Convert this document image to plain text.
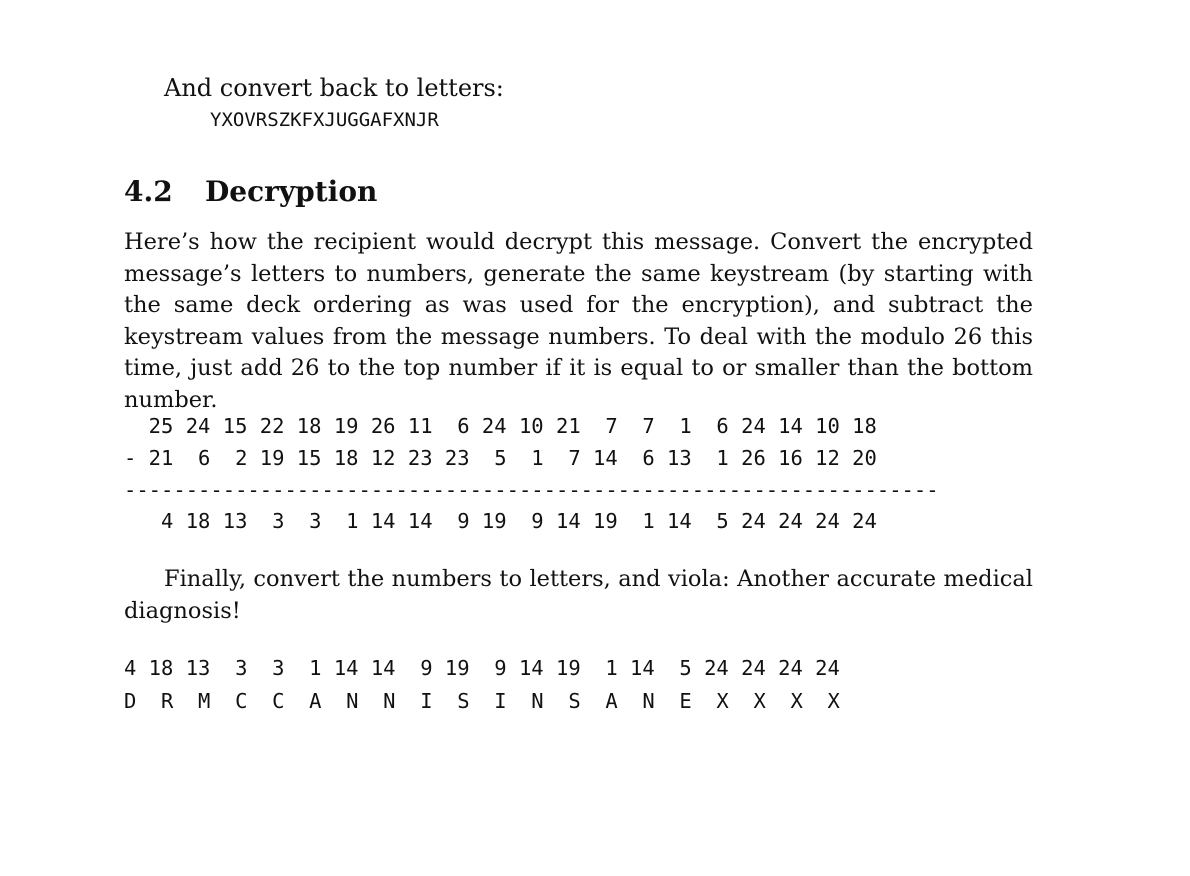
And convert back to letters:
YXOVRSZKFXJUGGAFXNJR
4.2 Decryption
Here’s how the recipient would decrypt this message. Convert the encrypted message’s letters to numbers, generate the same keystream (by starting with the same deck ordering as was used for the encryption), and subtract the keystream values from the message numbers. To deal with the modulo 26 this time, just add 26 to the top number if it is equal to or smaller than the bottom number.
25 24 15 22 18 19 26 11  6 24 10 21  7  7  1  6 24 14 10 18
- 21  6  2 19 15 18 12 23 23  5  1  7 14  6 13  1 26 16 12 20
------------------------------------------------------------------
4 18 13  3  3  1 14 14  9 19  9 14 19  1 14  5 24 24 24 24
Finally, convert the numbers to letters, and viola: Another accurate medical diagnosis!
4 18 13  3  3  1 14 14  9 19  9 14 19  1 14  5 24 24 24 24
D  R  M  C  C  A  N  N  I  S  I  N  S  A  N  E  X  X  X  X
